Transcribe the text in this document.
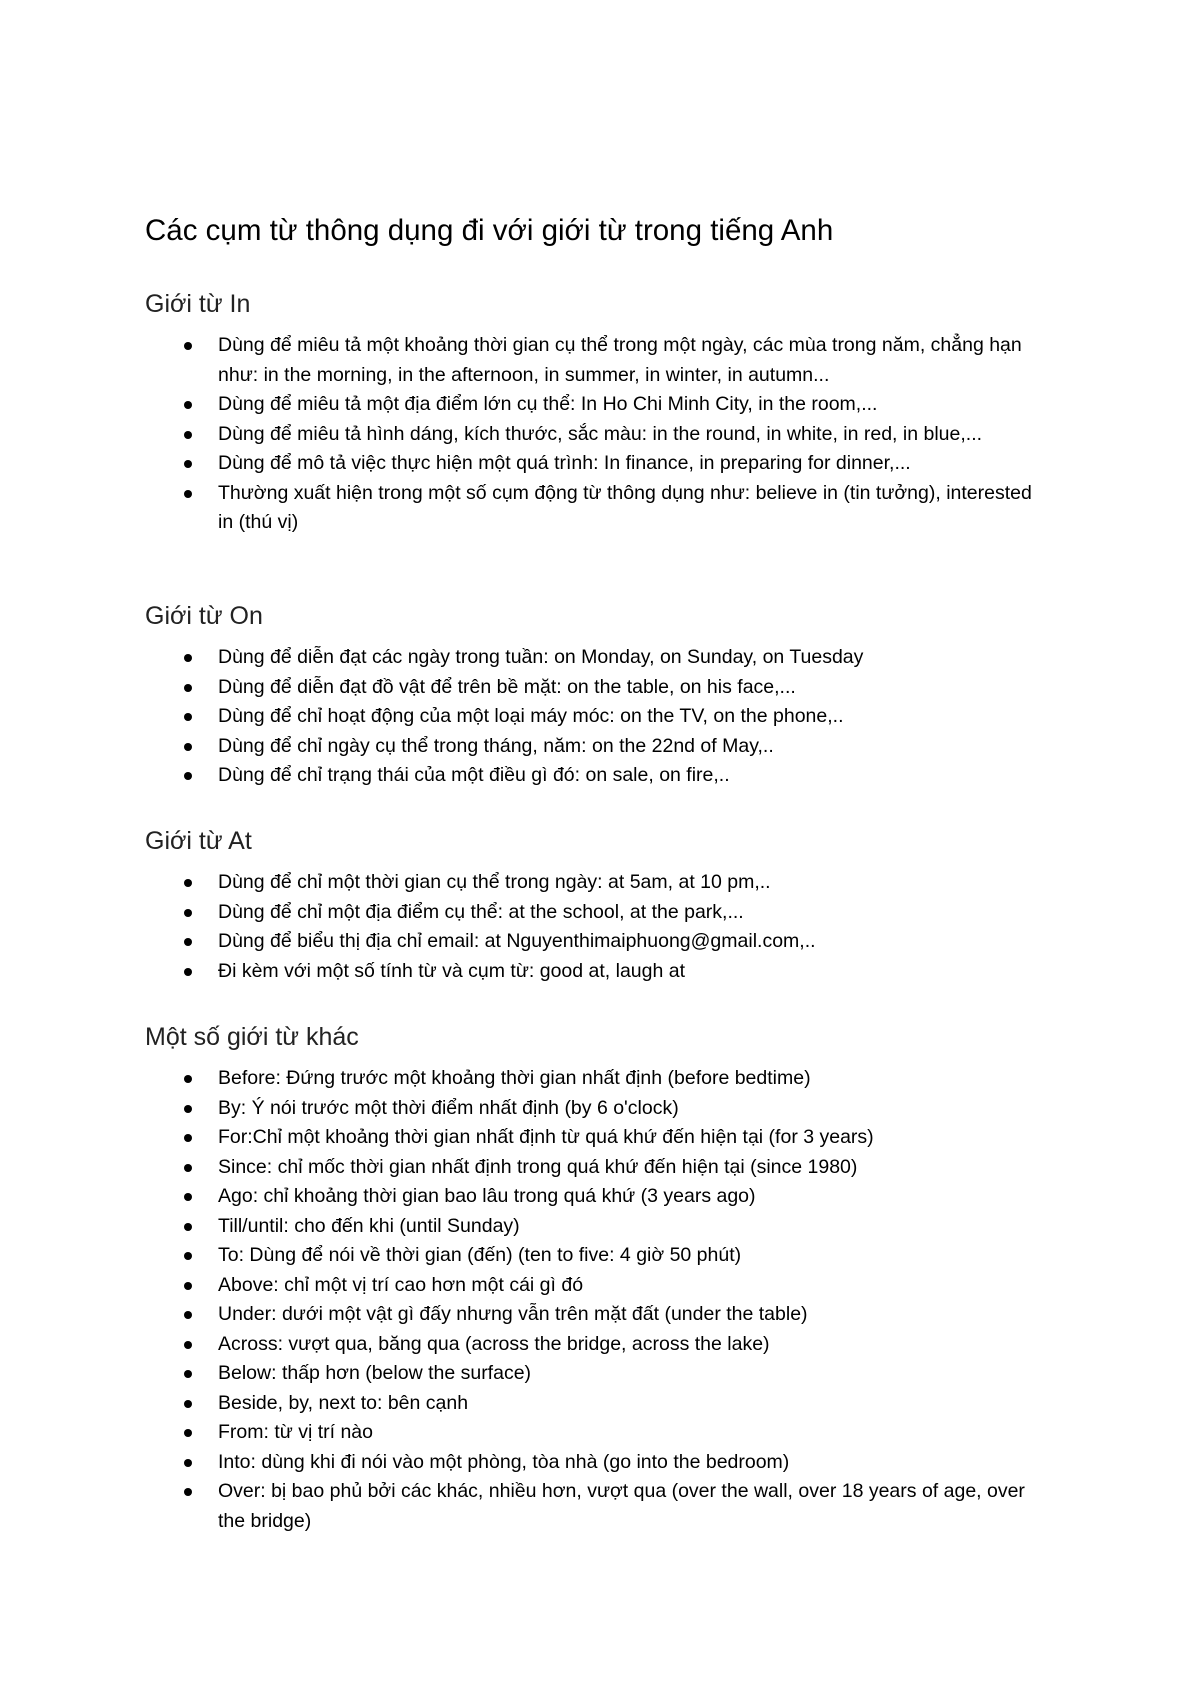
Các cụm từ thông dụng đi với giới từ trong tiếng Anh
Giới từ In
Dùng để miêu tả một khoảng thời gian cụ thể trong một ngày, các mùa trong năm, chẳng hạn như: in the morning, in the afternoon, in summer, in winter, in autumn...
Dùng để miêu tả một địa điểm lớn cụ thể: In Ho Chi Minh City, in the room,...
Dùng để miêu tả hình dáng, kích thước, sắc màu: in the round, in white, in red, in blue,...
Dùng để mô tả việc thực hiện một quá trình: In finance, in preparing for dinner,...
Thường xuất hiện trong một số cụm động từ thông dụng như: believe in (tin tưởng), interested in (thú vị)
Giới từ On
Dùng để diễn đạt các ngày trong tuần: on Monday, on Sunday, on Tuesday
Dùng để diễn đạt đồ vật để trên bề mặt: on the table, on his face,...
Dùng để chỉ hoạt động của một loại máy móc: on the TV, on the phone,..
Dùng để chỉ ngày cụ thể trong tháng, năm: on the 22nd of May,..
Dùng để chỉ trạng thái của một điều gì đó: on sale, on fire,..
Giới từ At
Dùng để chỉ một thời gian cụ thể trong ngày: at 5am, at 10 pm,..
Dùng để chỉ một địa điểm cụ thể: at the school, at the park,...
Dùng để biểu thị địa chỉ email: at Nguyenthimaiphuong@gmail.com,..
Đi kèm với một số tính từ và cụm từ: good at, laugh at
Một số giới từ khác
Before: Đứng trước một khoảng thời gian nhất định (before bedtime)
By: Ý nói trước một thời điểm nhất định (by 6 o'clock)
For:Chỉ một khoảng thời gian nhất định từ quá khứ đến hiện tại (for 3 years)
Since: chỉ mốc thời gian nhất định trong quá khứ đến hiện tại (since 1980)
Ago: chỉ khoảng thời gian bao lâu trong quá khứ (3 years ago)
Till/until: cho đến khi (until Sunday)
To: Dùng để nói về thời gian (đến) (ten to five: 4 giờ 50 phút)
Above: chỉ một vị trí cao hơn một cái gì đó
Under: dưới một vật gì đấy nhưng vẫn trên mặt đất (under the table)
Across: vượt qua, băng qua (across the bridge, across the lake)
Below: thấp hơn (below the surface)
Beside, by, next to: bên cạnh
From: từ vị trí nào
Into: dùng khi đi nói vào một phòng, tòa nhà (go into the bedroom)
Over: bị bao phủ bởi các khác, nhiều hơn, vượt qua (over the wall, over 18 years of age, over the bridge)
